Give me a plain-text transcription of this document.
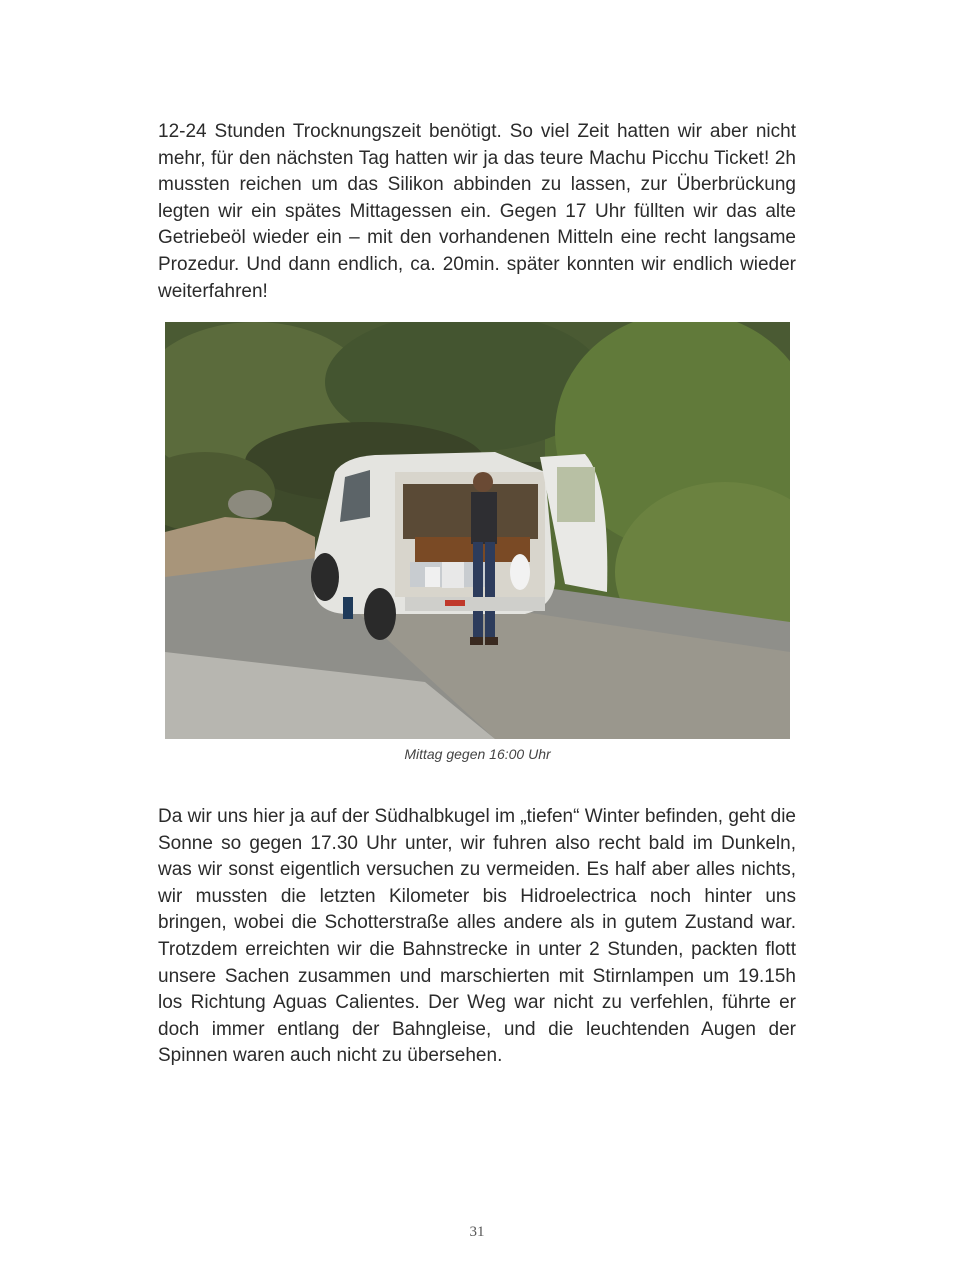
12-24 Stunden Trocknungszeit benötigt. So viel Zeit hatten wir aber nicht mehr, für den nächsten Tag hatten wir ja das teure Machu Picchu Ticket! 2h mussten reichen um das Silikon abbinden zu lassen, zur Überbrückung legten wir ein spätes Mittagessen ein. Gegen 17 Uhr füllten wir das alte Getriebeöl wieder ein – mit den vorhandenen Mitteln eine recht langsame Prozedur. Und dann endlich, ca. 20min. später konnten wir endlich wieder weiterfahren!

Mittag gegen 16:00 Uhr

Da wir uns hier ja auf der Südhalbkugel im „tiefen“ Winter befinden, geht die Sonne so gegen 17.30 Uhr unter, wir fuhren also recht bald im Dunkeln, was wir sonst eigentlich versuchen zu vermeiden. Es half aber alles nichts, wir mussten die letzten Kilometer bis Hidroelectrica noch hinter uns bringen, wobei die Schotterstraße alles andere als in gutem Zustand war. Trotzdem erreichten wir die Bahnstrecke in unter 2 Stunden, packten flott unsere Sachen zusammen und marschierten mit Stirnlampen um 19.15h los Richtung Aguas Calientes. Der Weg war nicht zu verfehlen, führte er doch immer entlang der Bahngleise, und die leuchtenden Augen der Spinnen waren auch nicht zu übersehen.

31
